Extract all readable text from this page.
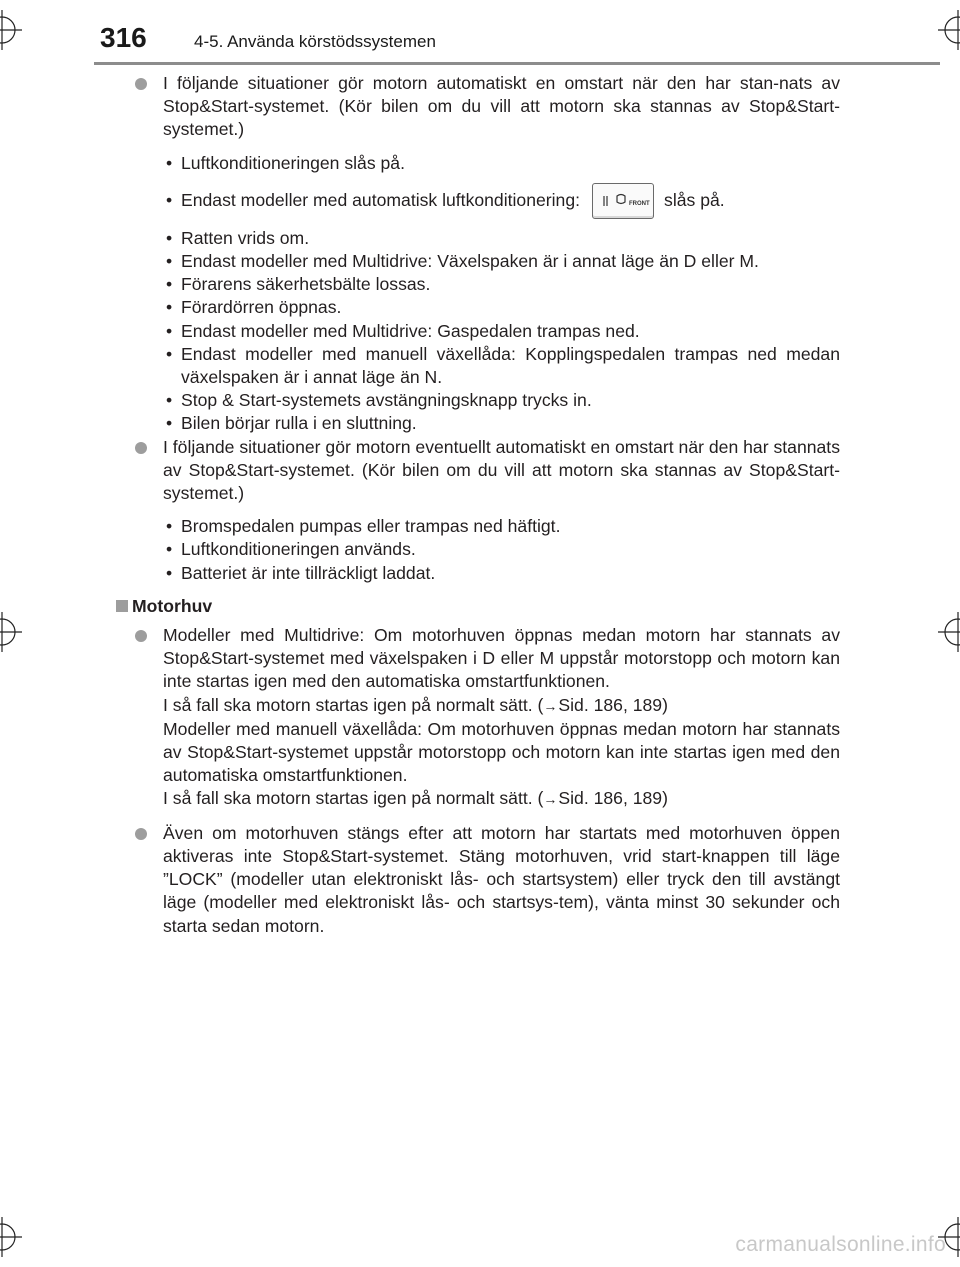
316	4-5. Använda körstödssystemen

I följande situationer gör motorn automatiskt en omstart när den har stan-nats av Stop&Start-systemet. (Kör bilen om du vill att motorn ska stannas av Stop&Start-systemet.)

• Luftkonditioneringen slås på.
• Endast modeller med automatisk luftkonditionering:	FRONT slås på.
• Ratten vrids om.
• Endast modeller med Multidrive: Växelspaken är i annat läge än D eller M.
• Förarens säkerhetsbälte lossas.
• Förardörren öppnas.
• Endast modeller med Multidrive: Gaspedalen trampas ned.
• Endast modeller med manuell växellåda: Kopplingspedalen trampas ned medan växelspaken är i annat läge än N.
• Stop & Start-systemets avstängningsknapp trycks in.
• Bilen börjar rulla i en sluttning.

I följande situationer gör motorn eventuellt automatiskt en omstart när den har stannats av Stop&Start-systemet. (Kör bilen om du vill att motorn ska stannas av Stop&Start-systemet.)

• Bromspedalen pumpas eller trampas ned häftigt.
• Luftkonditioneringen används.
• Batteriet är inte tillräckligt laddat.
Motorhuv

Modeller med Multidrive: Om motorhuven öppnas medan motorn har stannats av Stop&Start-systemet med växelspaken i D eller M uppstår motorstopp och motorn kan inte startas igen med den automatiska omstartfunktionen.
I så fall ska motorn startas igen på normalt sätt. (→Sid. 186, 189)
Modeller med manuell växellåda: Om motorhuven öppnas medan motorn har stannats av Stop&Start-systemet uppstår motorstopp och motorn kan inte startas igen med den automatiska omstartfunktionen.
I så fall ska motorn startas igen på normalt sätt. (→Sid. 186, 189)

Även om motorhuven stängs efter att motorn har startats med motorhuven öppen aktiveras inte Stop&Start-systemet. Stäng motorhuven, vrid start-knappen till läge ”LOCK” (modeller utan elektroniskt lås- och startsystem) eller tryck den till avstängt läge (modeller med elektroniskt lås- och startsys-tem), vänta minst 30 sekunder och starta sedan motorn.

carmanualsonline.info
